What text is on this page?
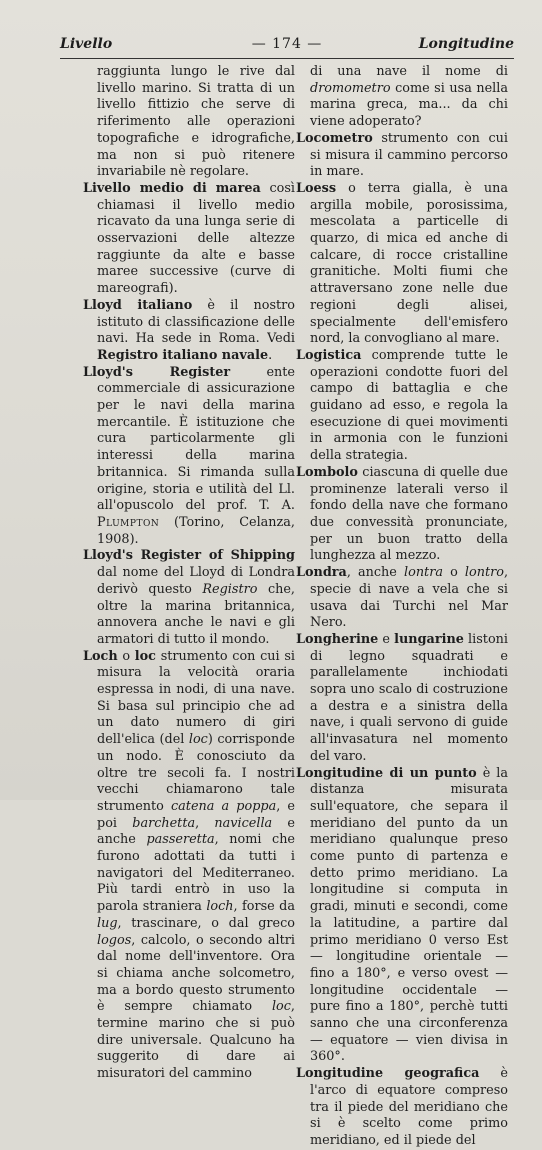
Livello	— 174 —	Longitudine

raggiunta lungo le rive dal livello marino. Si tratta di un livello fittizio che serve di riferimento alle operazioni topografiche e idrografiche, ma non si può ritenere invariabile nè regolare.

Livello medio di marea così chiamasi il livello medio ricavato da una lunga serie di osservazioni delle altezze raggiunte da alte e basse maree successive (curve di mareografi).

Lloyd italiano è il nostro istituto di classificazione delle navi. Ha sede in Roma. Vedi Registro italiano navale.

Lloyd's Register ente commerciale di assicurazione per le navi della marina mercantile. È istituzione che cura particolarmente gli interessi della marina britannica. Si rimanda sulla origine, storia e utilità del Ll. all'opuscolo del prof. T. A. Plumpton (Torino, Celanza, 1908).

Lloyd's Register of Shipping dal nome del Lloyd di Londra derivò questo Registro che, oltre la marina britannica, annovera anche le navi e gli armatori di tutto il mondo.

Loch o loc strumento con cui si misura la velocità oraria espressa in nodi, di una nave. Si basa sul principio che ad un dato numero di giri dell'elica (del loc) corrisponde un nodo. È conosciuto da oltre tre secoli fa. I nostri vecchi chiamarono tale strumento catena a poppa, e poi barchetta, navicella e anche passeretta, nomi che furono adottati da tutti i navigatori del Mediterraneo. Più tardi entrò in uso la parola straniera loch, forse da lug, trascinare, o dal greco logos, calcolo, o secondo altri dal nome dell'inventore. Ora si chiama anche solcometro, ma a bordo questo strumento è sempre chiamato loc, termine marino che si può dire universale. Qualcuno ha suggerito di dare ai misuratori del cammino

di una nave il nome di dromometro come si usa nella marina greca, ma... da chi viene adoperato?

Locometro strumento con cui si misura il cammino percorso in mare.

Loess o terra gialla, è una argilla mobile, porosissima, mescolata a particelle di quarzo, di mica ed anche di calcare, di rocce cristalline granitiche. Molti fiumi che attraversano zone nelle due regioni degli alisei, specialmente dell'emisfero nord, la convogliano al mare.

Logistica comprende tutte le operazioni condotte fuori del campo di battaglia e che guidano ad esso, e regola la esecuzione di quei movimenti in armonia con le funzioni della strategia.

Lombolo ciascuna di quelle due prominenze laterali verso il fondo della nave che formano due convessità pronunciate, per un buon tratto della lunghezza al mezzo.

Londra, anche lontra o lontro, specie di nave a vela che si usava dai Turchi nel Mar Nero.

Longherine e lungarine listoni di legno squadrati e parallelamente inchiodati sopra uno scalo di costruzione a destra e a sinistra della nave, i quali servono di guide all'invasatura nel momento del varo.

Longitudine di un punto è la distanza misurata sull'equatore, che separa il meridiano del punto da un meridiano qualunque preso come punto di partenza e detto primo meridiano. La longitudine si computa in gradi, minuti e secondi, come la latitudine, a partire dal primo meridiano 0 verso Est — longitudine orientale — fino a 180°, e verso ovest — longitudine occidentale — pure fino a 180°, perchè tutti sanno che una circonferenza — equatore — vien divisa in 360°.

Longitudine geografica è l'arco di equatore compreso tra il piede del meridiano che si è scelto come primo meridiano, ed il piede del
